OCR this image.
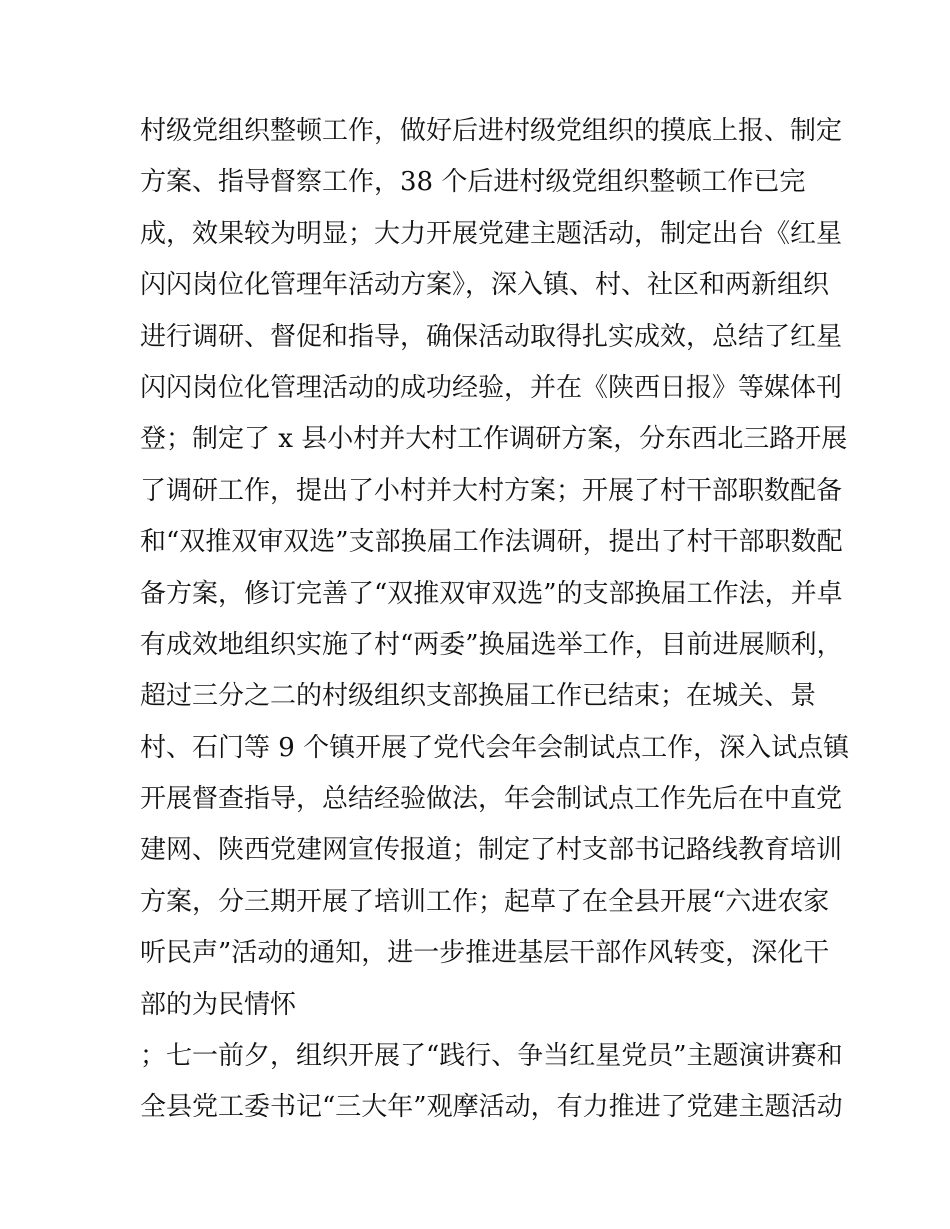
村级党组织整顿工作，做好后进村级党组织的摸底上报、制定
方案、指导督察工作，38 个后进村级党组织整顿工作已完
成，效果较为明显；大力开展党建主题活动，制定出台《红星
闪闪岗位化管理年活动方案》，深入镇、村、社区和两新组织
进行调研、督促和指导，确保活动取得扎实成效，总结了红星
闪闪岗位化管理活动的成功经验，并在《陕西日报》等媒体刊
登；制定了 x 县小村并大村工作调研方案，分东西北三路开展
了调研工作，提出了小村并大村方案；开展了村干部职数配备
和“双推双审双选”支部换届工作法调研，提出了村干部职数配
备方案，修订完善了“双推双审双选”的支部换届工作法，并卓
有成效地组织实施了村“两委”换届选举工作，目前进展顺利，
超过三分之二的村级组织支部换届工作已结束；在城关、景
村、石门等 9 个镇开展了党代会年会制试点工作，深入试点镇
开展督查指导，总结经验做法，年会制试点工作先后在中直党
建网、陕西党建网宣传报道；制定了村支部书记路线教育培训
方案，分三期开展了培训工作；起草了在全县开展“六进农家
听民声”活动的通知，进一步推进基层干部作风转变，深化干
部的为民情怀
；七一前夕，组织开展了“践行、争当红星党员”主题演讲赛和
全县党工委书记“三大年”观摩活动，有力推进了党建主题活动
